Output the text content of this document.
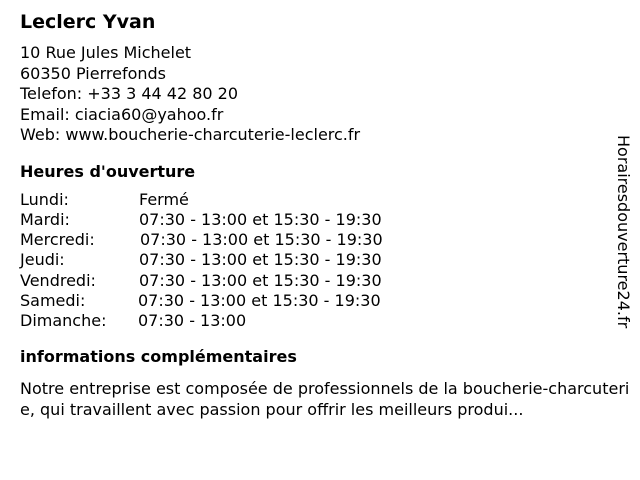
Leclerc Yvan
10 Rue Jules Michelet
60350 Pierrefonds
Telefon: +33 3 44 42 80 20
Email: ciacia60@yahoo.fr
Web: www.boucherie-charcuterie-leclerc.fr
Heures d'ouverture
Lundi:	Fermé
Mardi:	07:30 - 13:00 et 15:30 - 19:30
Mercredi:	07:30 - 13:00 et 15:30 - 19:30
Jeudi:	07:30 - 13:00 et 15:30 - 19:30
Vendredi:	07:30 - 13:00 et 15:30 - 19:30
Samedi:	07:30 - 13:00 et 15:30 - 19:30
Dimanche:	07:30 - 13:00
informations complémentaires
Notre entreprise est composée de professionnels de la boucherie-charcuterie, qui travaillent avec passion pour offrir les meilleurs produi...
Horairesdouverture24.fr
